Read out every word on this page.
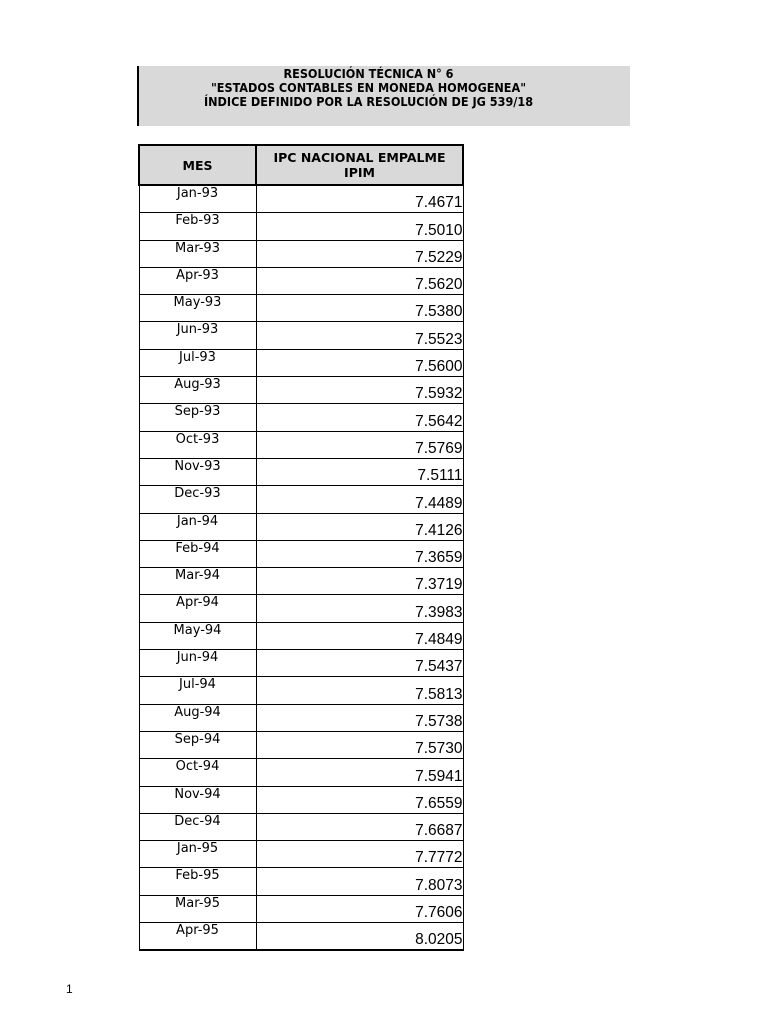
RESOLUCIÓN TÉCNICA N° 6
"ESTADOS CONTABLES EN MONEDA HOMOGENEA"
ÍNDICE DEFINIDO POR LA RESOLUCIÓN DE JG 539/18
MES	IPC NACIONAL EMPALME IPIM
Jan-93	7.4671
Feb-93	7.5010
Mar-93	7.5229
Apr-93	7.5620
May-93	7.5380
Jun-93	7.5523
Jul-93	7.5600
Aug-93	7.5932
Sep-93	7.5642
Oct-93	7.5769
Nov-93	7.5111
Dec-93	7.4489
Jan-94	7.4126
Feb-94	7.3659
Mar-94	7.3719
Apr-94	7.3983
May-94	7.4849
Jun-94	7.5437
Jul-94	7.5813
Aug-94	7.5738
Sep-94	7.5730
Oct-94	7.5941
Nov-94	7.6559
Dec-94	7.6687
Jan-95	7.7772
Feb-95	7.8073
Mar-95	7.7606
Apr-95	8.0205
1
